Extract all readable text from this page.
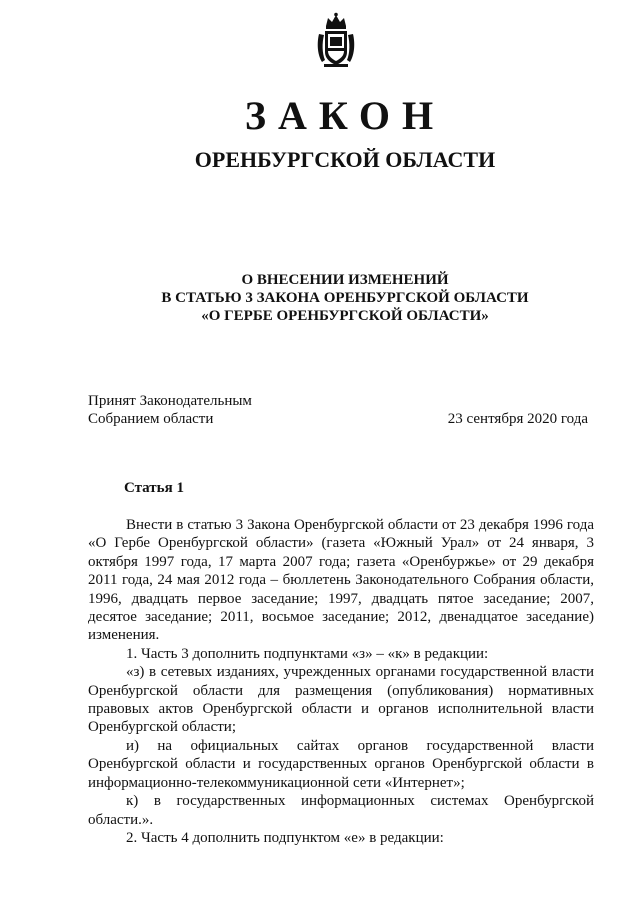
ЗАКОН
ОРЕНБУРГСКОЙ ОБЛАСТИ
О ВНЕСЕНИИ ИЗМЕНЕНИЙ
В СТАТЬЮ 3 ЗАКОНА ОРЕНБУРГСКОЙ ОБЛАСТИ
«О ГЕРБЕ ОРЕНБУРГСКОЙ ОБЛАСТИ»
Принят Законодательным
Собранием области	23 сентября 2020 года
Статья 1

Внести в статью 3 Закона Оренбургской области от 23 декабря 1996 года «О Гербе Оренбургской области» (газета «Южный Урал» от 24 января, 3 октября 1997 года, 17 марта 2007 года; газета «Оренбуржье» от 29 декабря 2011 года, 24 мая 2012 года – бюллетень Законодательного Собрания области, 1996, двадцать первое заседание; 1997, двадцать пятое заседание; 2007, десятое заседание; 2011, восьмое заседание; 2012, двенадцатое заседание) изменения.

1. Часть 3 дополнить подпунктами «з» – «к» в редакции:

«з) в сетевых изданиях, учрежденных органами государственной власти Оренбургской области для размещения (опубликования) нормативных правовых актов Оренбургской области и органов исполнительной власти Оренбургской области;

и) на официальных сайтах органов государственной власти Оренбургской области и государственных органов Оренбургской области в информационно-телекоммуникационной сети «Интернет»;

к) в государственных информационных системах Оренбургской области.».

2. Часть 4 дополнить подпунктом «е» в редакции:
